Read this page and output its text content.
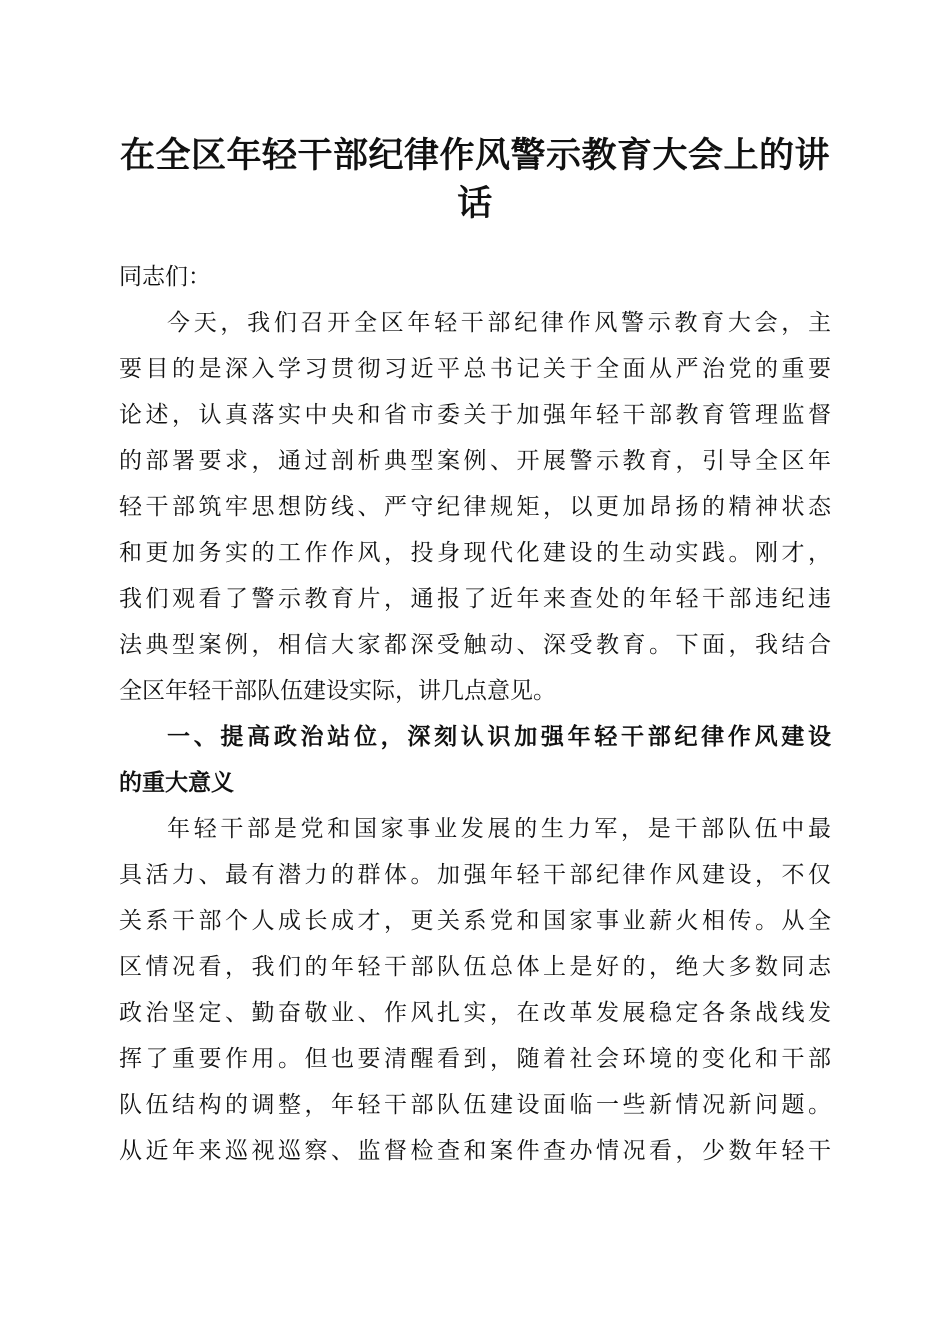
在全区年轻干部纪律作风警示教育大会上的讲
话
同志们：
今天，我们召开全区年轻干部纪律作风警示教育大会，主
要目的是深入学习贯彻习近平总书记关于全面从严治党的重要
论述，认真落实中央和省市委关于加强年轻干部教育管理监督
的部署要求，通过剖析典型案例、开展警示教育，引导全区年
轻干部筑牢思想防线、严守纪律规矩，以更加昂扬的精神状态
和更加务实的工作作风，投身现代化建设的生动实践。刚才，
我们观看了警示教育片，通报了近年来查处的年轻干部违纪违
法典型案例，相信大家都深受触动、深受教育。下面，我结合
全区年轻干部队伍建设实际，讲几点意见。
一、提高政治站位，深刻认识加强年轻干部纪律作风建设
的重大意义
年轻干部是党和国家事业发展的生力军，是干部队伍中最
具活力、最有潜力的群体。加强年轻干部纪律作风建设，不仅
关系干部个人成长成才，更关系党和国家事业薪火相传。从全
区情况看，我们的年轻干部队伍总体上是好的，绝大多数同志
政治坚定、勤奋敬业、作风扎实，在改革发展稳定各条战线发
挥了重要作用。但也要清醒看到，随着社会环境的变化和干部
队伍结构的调整，年轻干部队伍建设面临一些新情况新问题。
从近年来巡视巡察、监督检查和案件查办情况看，少数年轻干
